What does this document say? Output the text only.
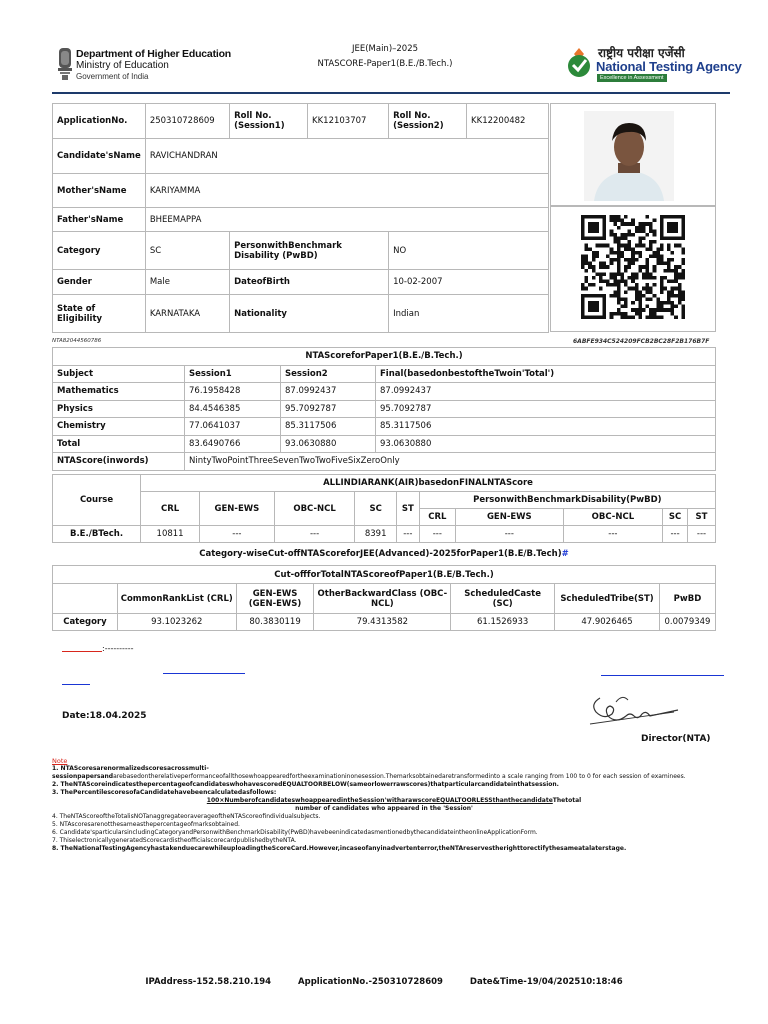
Department of Higher Education
Ministry of Education
Government of India
JEE(Main)–2025
NTASCORE-Paper1(B.E./B.Tech.)
राष्ट्रीय परीक्षा एजेंसी
National Testing Agency
Excellence in Assessment
ApplicationNo.	250310728609	Roll No. (Session1)	KK12103707	Roll No. (Session2)	KK12200482
Candidate'sName	RAVICHANDRAN				
Mother'sName	KARIYAMMA				
Father'sName	BHEEMAPPA				
Category	SC	PersonwithBenchmark Disability (PwBD)		NO	
Gender	Male	DateofBirth		10-02-2007	
State of Eligibility	KARNATAKA	Nationality		Indian	
NTA82044560786	6ABFE934C524209FCB2BC28F2B176B7F
NTAScoreforPaper1(B.E./B.Tech.)			
Subject	Session1	Session2	Final(basedonbestoftheTwoin'Total')
Mathematics	76.1958428	87.0992437	87.0992437
Physics	84.4546385	95.7092787	95.7092787
Chemistry	77.0641037	85.3117506	85.3117506
Total	83.6490766	93.0630880	93.0630880
NTAScore(inwords)	NintyTwoPointThreeSevenTwoTwoFiveSixZeroOnly		
Course	ALLINDIARANK(AIR)basedonFINALNTAScore									
	CRL	GEN-EWS	OBC-NCL	SC	ST	PersonwithBenchmarkDisability(PwBD)				
						CRL	GEN-EWS	OBC-NCL	SC	ST
B.E./BTech.	10811	---	---	8391	---	---	---	---	---	---
Category-wiseCut-offNTAScoreforJEE(Advanced)-2025forPaper1(B.E/B.Tech)#
Cut-offforTotalNTAScoreofPaper1(B.E/B.Tech.)						
	CommonRankList (CRL)	GEN-EWS (GEN-EWS)	OtherBackwardClass (OBC-NCL)	ScheduledCaste (SC)	ScheduledTribe(ST)	PwBD
Category	93.1023262	80.3830119	79.4313582	61.1526933	47.9026465	0.0079349
:----------
Date:18.04.2025
Director(NTA)
Note
1. NTAScoresarenormalizedscoresacrossmulti-
sessionpapersandarebasedontherelativeperformanceofallthosewhoappearedfortheexaminationinonesession.Themarksobtainedaretransformedinto a scale ranging from 100 to 0 for each session of examinees.
2. TheNTAScoreindicatesthepercentageofcandidateswhohavescoredEQUALTOORBELOW(sameorlowerrawscores)thatparticularcandidateinthatsession.
3. ThePercentilescoresofaCandidatehavebeencalculatedasfollows:
100×NumberofcandidateswhoappearedintheSession'witharawscoreEQUALTOORLESSthanthecandidateThetotal
number of candidates who appeared in the 'Session'
4. TheNTAScoreoftheTotalisNOTanaggregateoraverageoftheNTAScoreofindividualsubjects.
5. NTAscoresarenotthesameasthepercentageofmarksobtained.
6. Candidate'sparticularsincludingCategoryandPersonwithBenchmarkDisability(PwBD)havebeenindicatedasmentionedbythecandidateintheonlineApplicationForm.
7. ThiselectronicallygeneratedScorecardistheofficialscorecardpublishedbytheNTA.
8. TheNationalTestingAgencyhastakenduecarewhileuploadingtheScoreCard.However,incaseofanyinadvertenterror,theNTAreservestherighttorectifythesameatalaterstage.
IPAddress-152.58.210.194	ApplicationNo.-250310728609	Date&Time-19/04/202510:18:46
